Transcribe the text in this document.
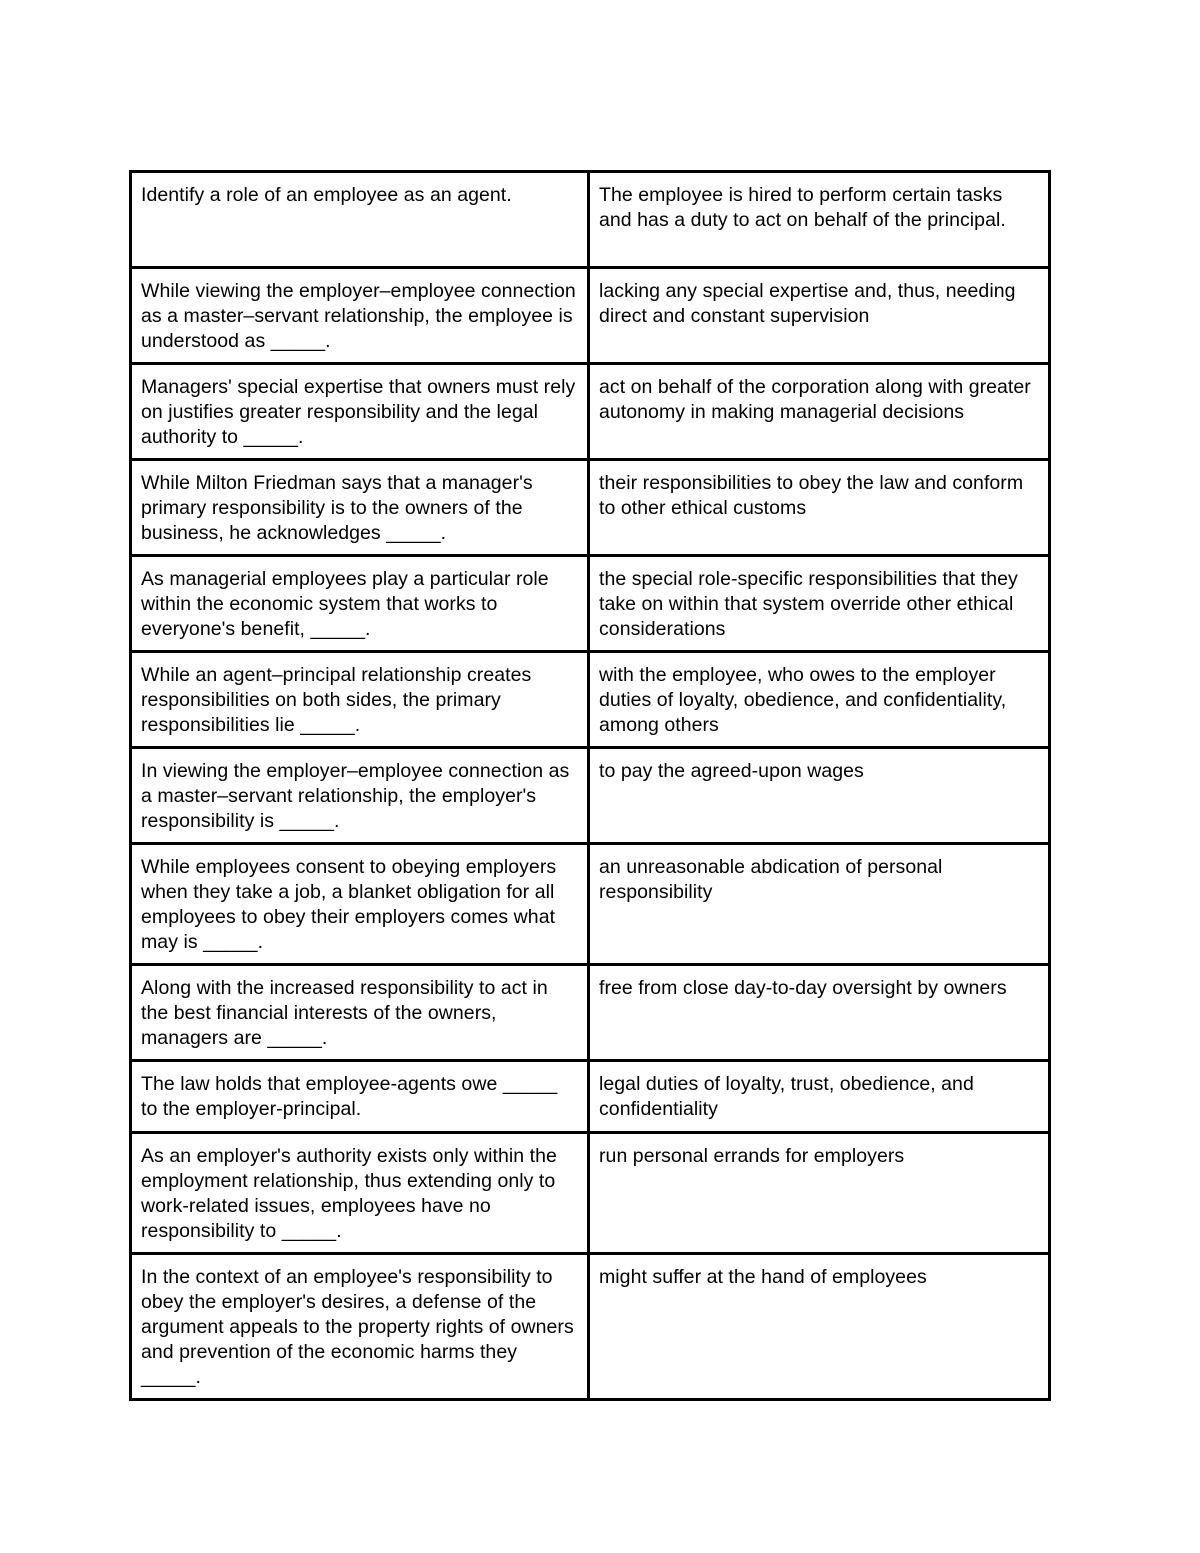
Identify a role of an employee as an agent.	The employee is hired to perform certain tasks and has a duty to act on behalf of the principal.
While viewing the employer–employee connection as a master–servant relationship, the employee is understood as _____.	lacking any special expertise and, thus, needing direct and constant supervision
Managers' special expertise that owners must rely on justifies greater responsibility and the legal authority to _____.	act on behalf of the corporation along with greater autonomy in making managerial decisions
While Milton Friedman says that a manager's primary responsibility is to the owners of the business, he acknowledges _____.	their responsibilities to obey the law and conform to other ethical customs
As managerial employees play a particular role within the economic system that works to everyone's benefit, _____.	the special role-specific responsibilities that they take on within that system override other ethical considerations
While an agent–principal relationship creates responsibilities on both sides, the primary responsibilities lie _____.	with the employee, who owes to the employer duties of loyalty, obedience, and confidentiality, among others
In viewing the employer–employee connection as a master–servant relationship, the employer's responsibility is _____.	to pay the agreed-upon wages
While employees consent to obeying employers when they take a job, a blanket obligation for all employees to obey their employers comes what may is _____.	an unreasonable abdication of personal responsibility
Along with the increased responsibility to act in the best financial interests of the owners, managers are _____.	free from close day-to-day oversight by owners
The law holds that employee-agents owe _____ to the employer-principal.	legal duties of loyalty, trust, obedience, and confidentiality
As an employer's authority exists only within the employment relationship, thus extending only to work-related issues, employees have no responsibility to _____.	run personal errands for employers
In the context of an employee's responsibility to obey the employer's desires, a defense of the argument appeals to the property rights of owners and prevention of the economic harms they _____.	might suffer at the hand of employees
